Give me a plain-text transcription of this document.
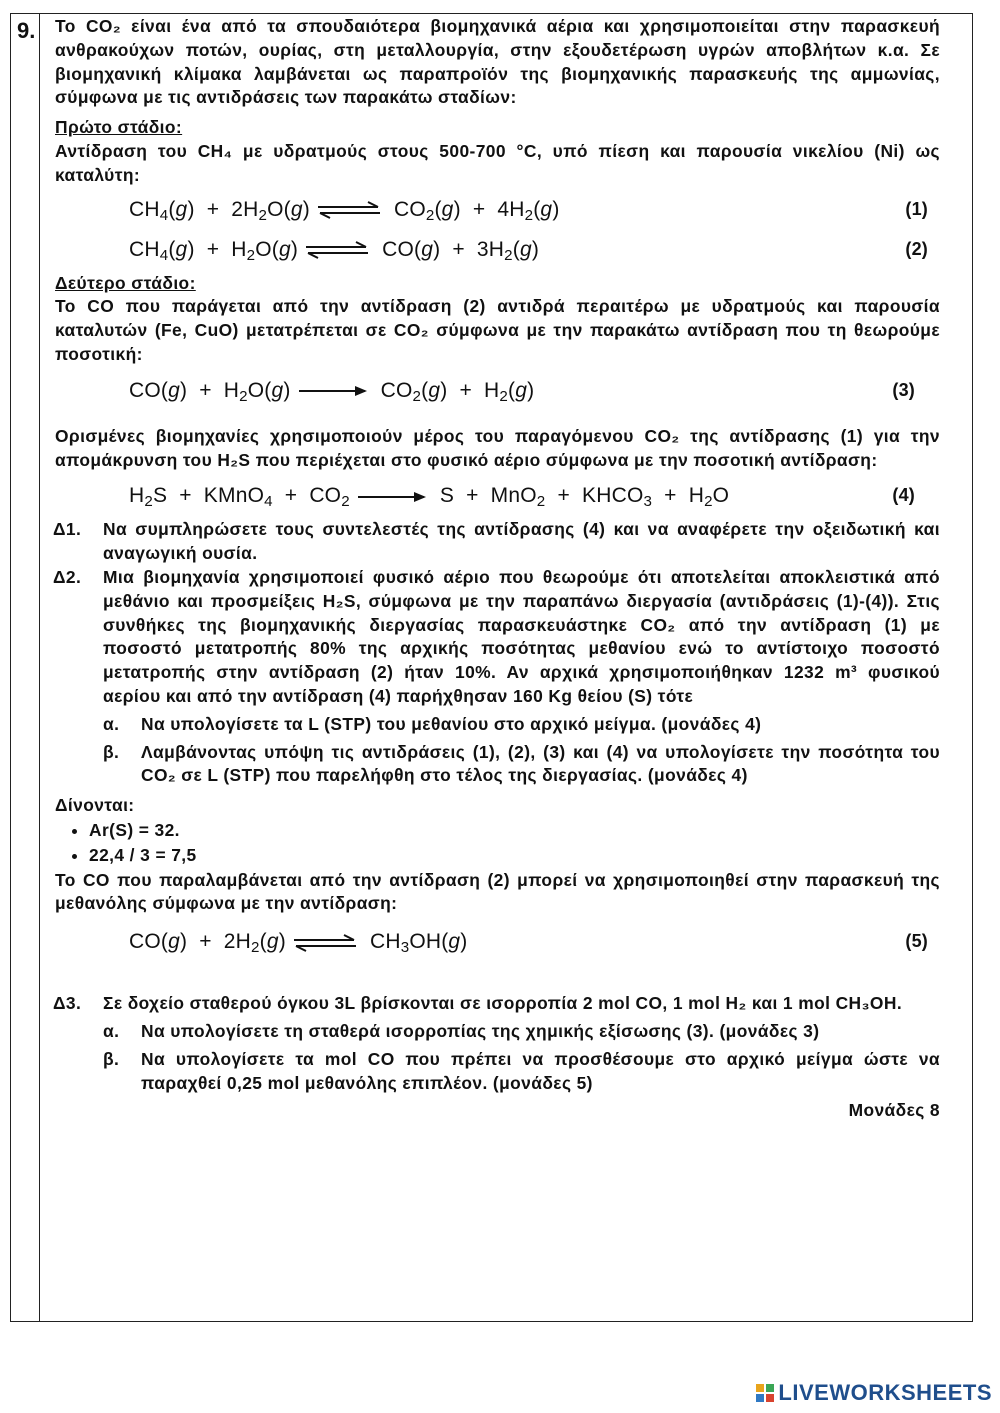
9. Το CO₂ είναι ένα από τα σπουδαιότερα βιομηχανικά αέρια και χρησιμοποιείται στην παρασκευή ανθρακούχων ποτών, ουρίας, στη μεταλλουργία, στην εξουδετέρωση υγρών αποβλήτων κ.α. Σε βιομηχανική κλίμακα λαμβάνεται ως παραπροϊόν της βιομηχανικής παρασκευής της αμμωνίας, σύμφωνα με τις αντιδράσεις των παρακάτω σταδίων:
Πρώτο στάδιο:
Αντίδραση του CH₄ με υδρατμούς στους 500-700 °C, υπό πίεση και παρουσία νικελίου (Ni) ως καταλύτη:
$CH_4(g) + 2H_2O(g)$ ⇌ $CO_2(g) + 4H_2(g)$	(1)
$CH_4(g) + H_2O(g)$ ⇌ $CO(g) + 3H_2(g)$	(2)
Δεύτερο στάδιο:
Το CO που παράγεται από την αντίδραση (2) αντιδρά περαιτέρω με υδρατμούς και παρουσία καταλυτών (Fe, CuO) μετατρέπεται σε CO₂ σύμφωνα με την παρακάτω αντίδραση που τη θεωρούμε ποσοτική:
$CO(g) + H_2O(g) \to CO_2(g) + H_2(g)$	(3)
Ορισμένες βιομηχανίες χρησιμοποιούν μέρος του παραγόμενου CO₂ της αντίδρασης (1) για την απομάκρυνση του H₂S που περιέχεται στο φυσικό αέριο σύμφωνα με την ποσοτική αντίδραση:
$H_2S$  +  KMnO$_4$  +  $CO_2 \to S + MnO_2$  +  $KHCO_3 + H_2O$	(4)
Δ1.	Να συμπληρώσετε τους συντελεστές της αντίδρασης (4) και να αναφέρετε την οξειδωτική και αναγωγική ουσία.
Δ2.	Μια βιομηχανία χρησιμοποιεί φυσικό αέριο που θεωρούμε ότι αποτελείται αποκλειστικά από μεθάνιο και προσμείξεις H₂S, σύμφωνα με την παραπάνω διεργασία (αντιδράσεις (1)-(4)). Στις συνθήκες της βιομηχανικής διεργασίας παρασκευάστηκε CO₂ από την αντίδραση (1) με ποσοστό μετατροπής 80% της αρχικής ποσότητας μεθανίου ενώ το αντίστοιχο ποσοστό μετατροπής στην αντίδραση (2) ήταν 10%. Αν αρχικά χρησιμοποιήθηκαν 1232 m³ φυσικού αερίου και από την αντίδραση (4) παρήχθησαν 160 Kg θείου (S) τότε
α.	Να υπολογίσετε τα L (STP) του μεθανίου στο αρχικό μείγμα. (μονάδες 4)
β.	Λαμβάνοντας υπόψη τις αντιδράσεις (1), (2), (3) και (4) να υπολογίσετε την ποσότητα του CO₂ σε L (STP) που παρελήφθη στο τέλος της διεργασίας. (μονάδες 4)
Δίνονται:
• Ar(S) = 32.
• 22,4 / 3 = 7,5
Το CO που παραλαμβάνεται από την αντίδραση (2) μπορεί να χρησιμοποιηθεί στην παρασκευή της μεθανόλης σύμφωνα με την αντίδραση:
$CO(g) + 2H_2(g)$ ⇌ $CH_3OH(g)$	(5)
Δ3.	Σε δοχείο σταθερού όγκου 3L βρίσκονται σε ισορροπία 2 mol CO, 1 mol H₂ και 1 mol CH₃OH.
α.	Να υπολογίσετε τη σταθερά ισορροπίας της χημικής εξίσωσης (3). (μονάδες 3)
β.	Να υπολογίσετε τα mol CO που πρέπει να προσθέσουμε στο αρχικό μείγμα ώστε να παραχθεί 0,25 mol μεθανόλης επιπλέον. (μονάδες 5)
Μονάδες 8
LIVEWORKSHEETS
